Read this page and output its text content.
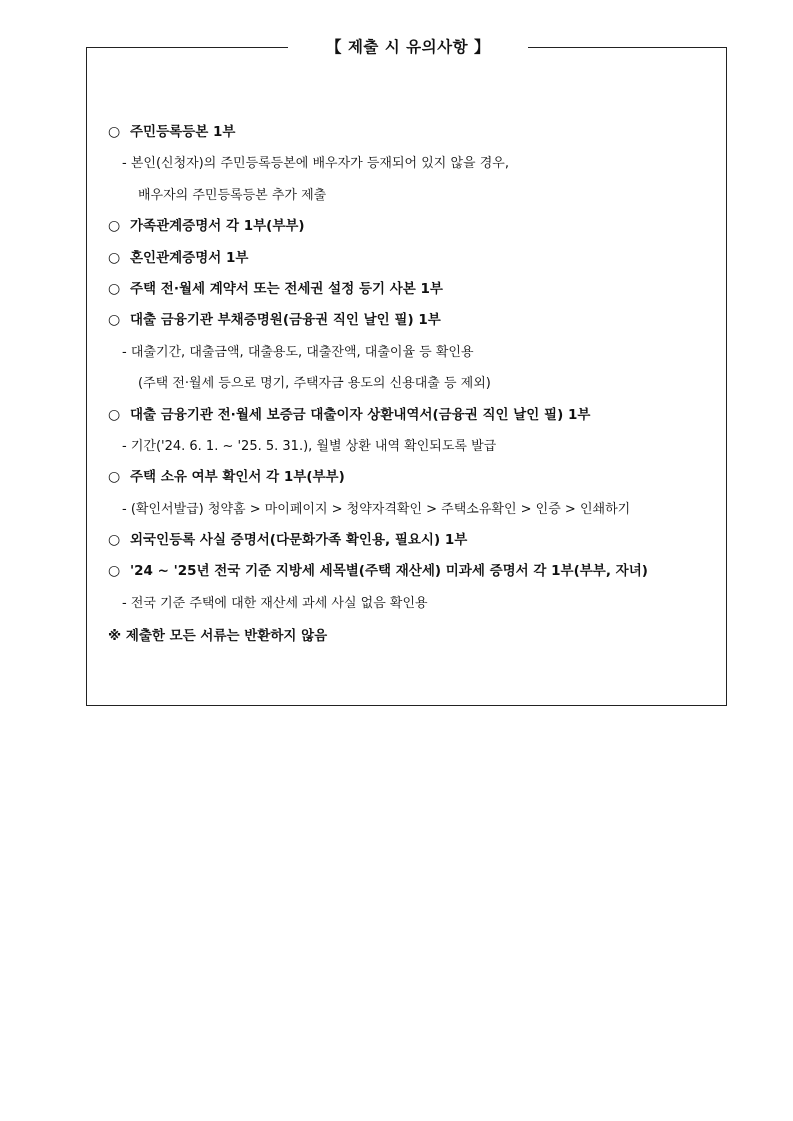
【 제출 시 유의사항 】
○ 주민등록등본 1부
- 본인(신청자)의 주민등록등본에 배우자가 등재되어 있지 않을 경우,
배우자의 주민등록등본 추가 제출
○ 가족관계증명서 각 1부(부부)
○ 혼인관계증명서 1부
○ 주택 전·월세 계약서 또는 전세권 설정 등기 사본 1부
○ 대출 금융기관 부채증명원(금융권 직인 날인 필) 1부
- 대출기간, 대출금액, 대출용도, 대출잔액, 대출이율 등 확인용
(주택 전·월세 등으로 명기, 주택자금 용도의 신용대출 등 제외)
○ 대출 금융기관 전·월세 보증금 대출이자 상환내역서(금융권 직인 날인 필) 1부
- 기간('24. 6. 1. ~ '25. 5. 31.), 월별 상환 내역 확인되도록 발급
○ 주택 소유 여부 확인서 각 1부(부부)
- (확인서발급) 청약홈 > 마이페이지 > 청약자격확인 > 주택소유확인 > 인증 > 인쇄하기
○ 외국인등록 사실 증명서(다문화가족 확인용, 필요시) 1부
○ '24 ~ '25년 전국 기준 지방세 세목별(주택 재산세) 미과세 증명서 각 1부(부부, 자녀)
- 전국 기준 주택에 대한 재산세 과세 사실 없음 확인용
※ 제출한 모든 서류는 반환하지 않음
